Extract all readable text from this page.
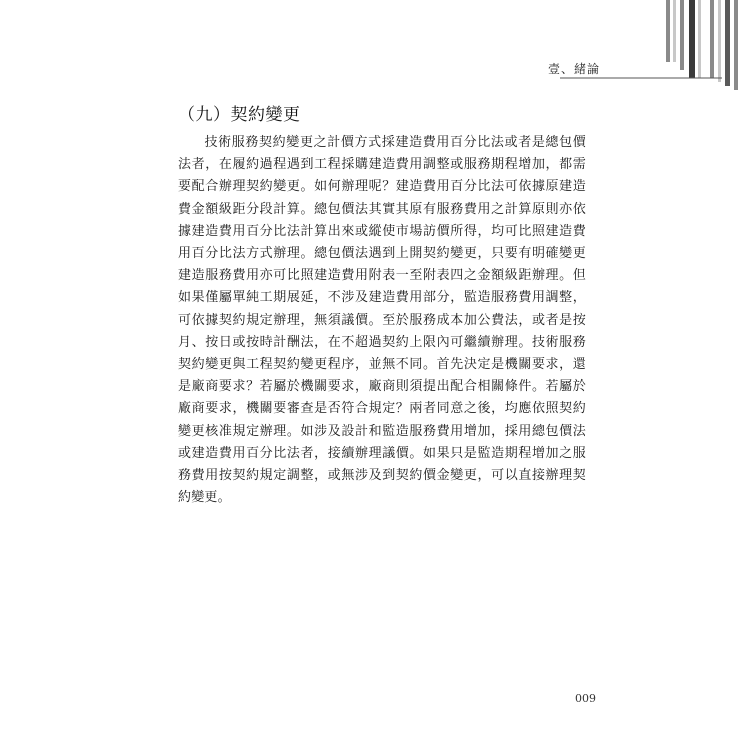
壹、緒論
（九）契約變更
技術服務契約變更之計價方式採建造費用百分比法或者是總包價法者，在履約過程遇到工程採購建造費用調整或服務期程增加，都需要配合辦理契約變更。如何辦理呢？建造費用百分比法可依據原建造費金額級距分段計算。總包價法其實其原有服務費用之計算原則亦依據建造費用百分比法計算出來或縱使市場訪價所得，均可比照建造費用百分比法方式辦理。總包價法遇到上開契約變更，只要有明確變更建造服務費用亦可比照建造費用附表一至附表四之金額級距辦理。但如果僅屬單純工期展延，不涉及建造費用部分，監造服務費用調整，可依據契約規定辦理，無須議價。至於服務成本加公費法，或者是按月、按日或按時計酬法，在不超過契約上限內可繼續辦理。技術服務契約變更與工程契約變更程序，並無不同。首先決定是機關要求，還是廠商要求？若屬於機關要求，廠商則須提出配合相關條件。若屬於廠商要求，機關要審查是否符合規定？兩者同意之後，均應依照契約變更核准規定辦理。如涉及設計和監造服務費用增加，採用總包價法或建造費用百分比法者，接續辦理議價。如果只是監造期程增加之服務費用按契約規定調整，或無涉及到契約價金變更，可以直接辦理契約變更。
009
